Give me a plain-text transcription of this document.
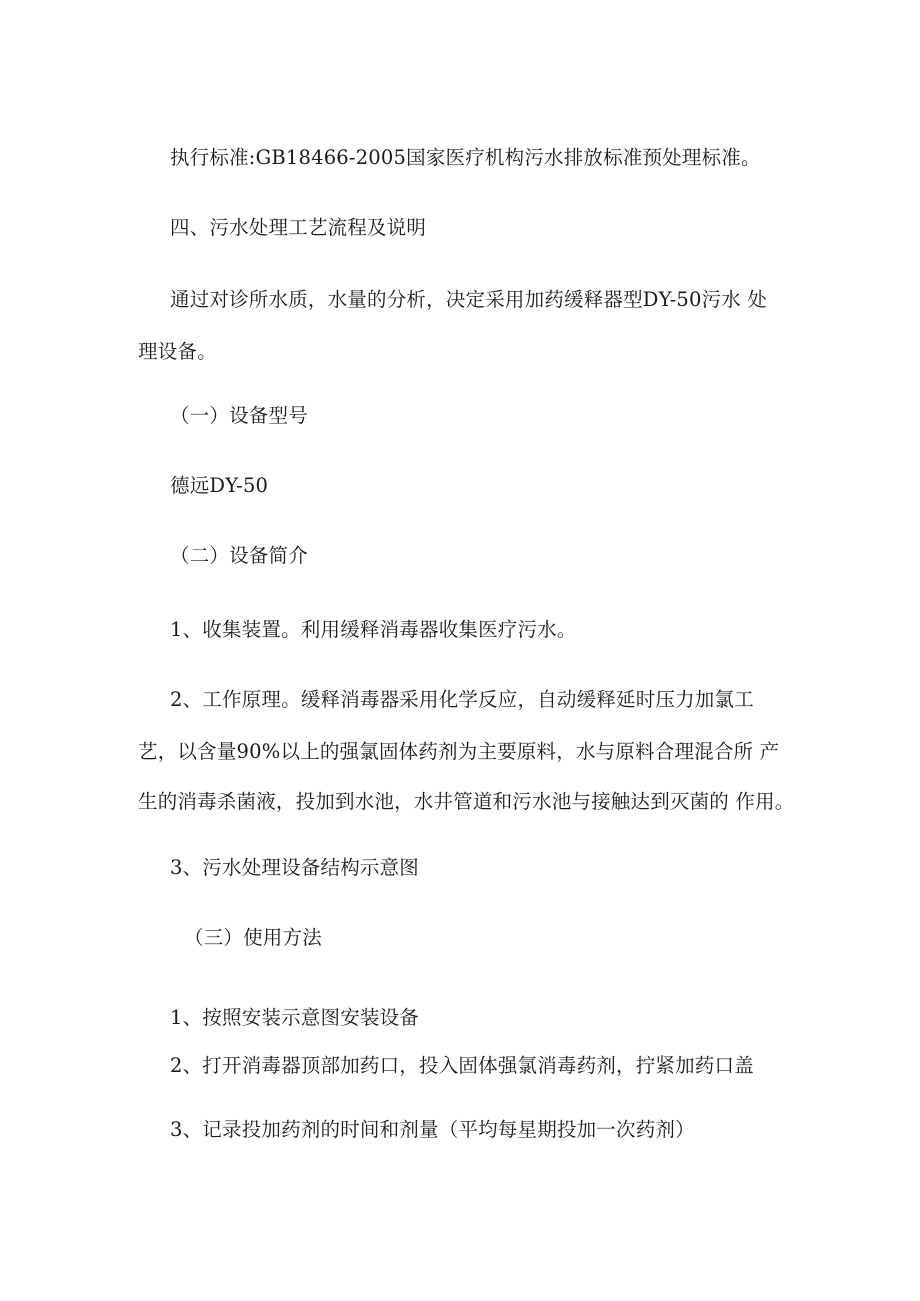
执行标准:GB18466-2005国家医疗机构污水排放标准预处理标准。
四、污水处理工艺流程及说明
通过对诊所水质，水量的分析，决定采用加药缓释器型DY-50污水 处
理设备。
（一）设备型号
德远DY-50
（二）设备简介
1、收集装置。利用缓释消毒器收集医疗污水。
2、工作原理。缓释消毒器采用化学反应，自动缓释延时压力加氯工
艺，以含量90%以上的强氯固体药剂为主要原料，水与原料合理混合所 产
生的消毒杀菌液，投加到水池，水井管道和污水池与接触达到灭菌的 作用。
3、污水处理设备结构示意图
（三）使用方法
1、按照安装示意图安装设备
2、打开消毒器顶部加药口，投入固体强氯消毒药剂，拧紧加药口盖
3、记录投加药剂的时间和剂量（平均每星期投加一次药剂）
